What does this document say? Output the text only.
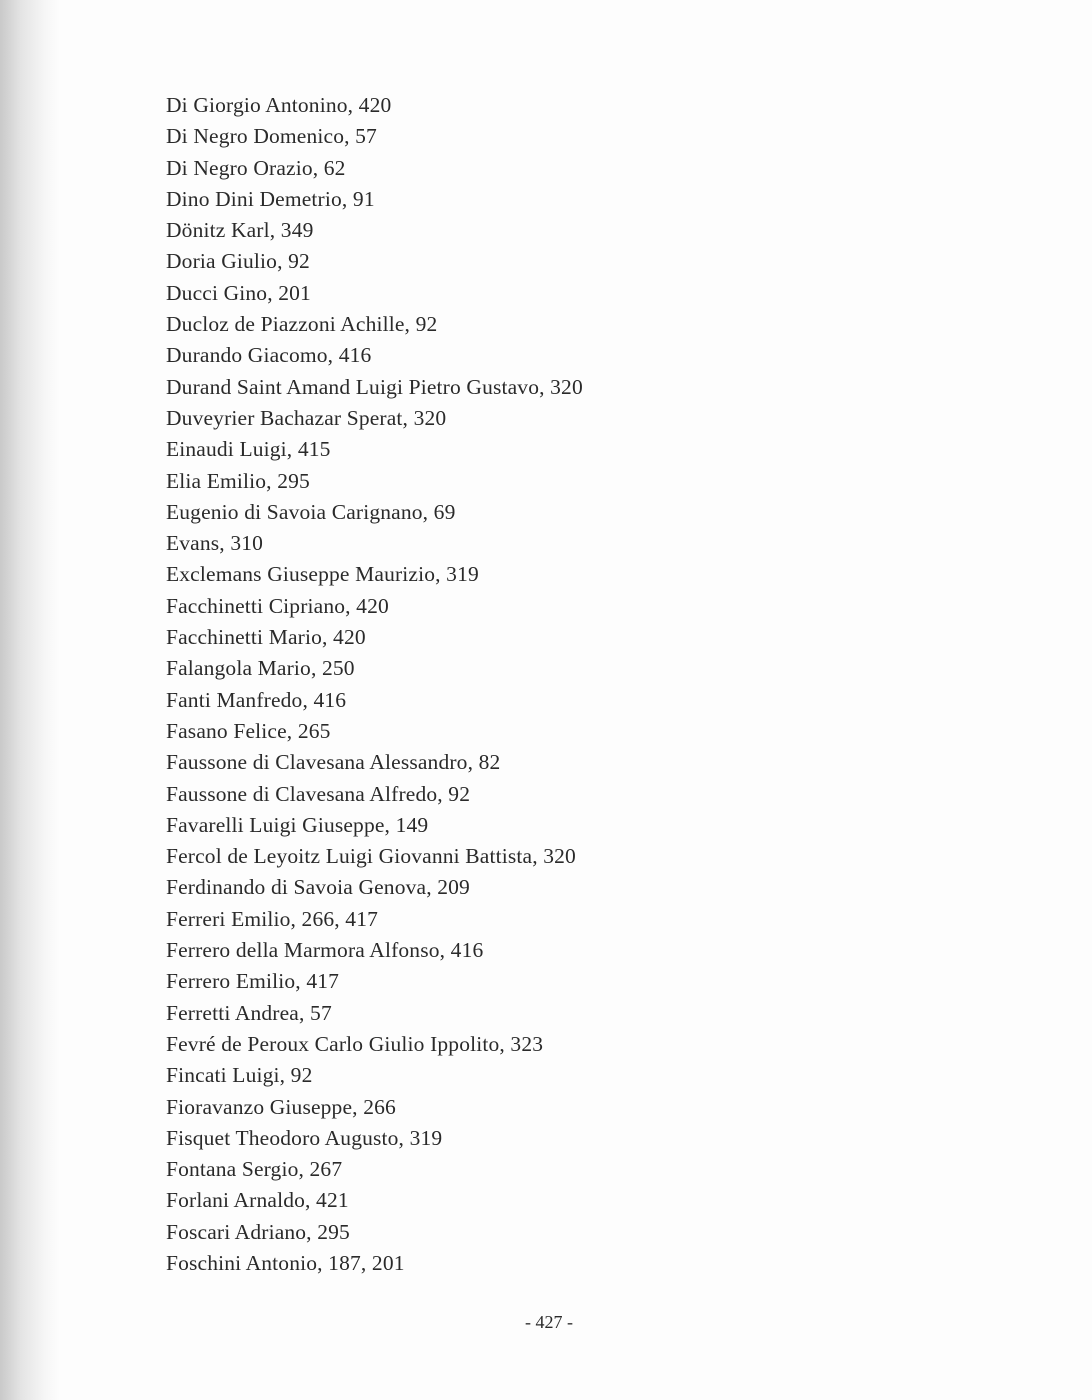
Di Giorgio Antonino, 420
Di Negro Domenico, 57
Di Negro Orazio, 62
Dino Dini Demetrio, 91
Dönitz Karl, 349
Doria Giulio, 92
Ducci Gino, 201
Ducloz de Piazzoni Achille, 92
Durando Giacomo, 416
Durand Saint Amand Luigi Pietro Gustavo, 320
Duveyrier Bachazar Sperat, 320
Einaudi Luigi, 415
Elia Emilio, 295
Eugenio di Savoia Carignano, 69
Evans, 310
Exclemans Giuseppe Maurizio, 319
Facchinetti Cipriano, 420
Facchinetti Mario, 420
Falangola Mario, 250
Fanti Manfredo, 416
Fasano Felice, 265
Faussone di Clavesana Alessandro, 82
Faussone di Clavesana Alfredo, 92
Favarelli Luigi Giuseppe, 149
Fercol de Leyoitz Luigi Giovanni Battista, 320
Ferdinando di Savoia Genova, 209
Ferreri Emilio, 266, 417
Ferrero della Marmora Alfonso, 416
Ferrero Emilio, 417
Ferretti Andrea, 57
Fevré de Peroux Carlo Giulio Ippolito, 323
Fincati Luigi, 92
Fioravanzo Giuseppe, 266
Fisquet Theodoro Augusto, 319
Fontana Sergio, 267
Forlani Arnaldo, 421
Foscari Adriano, 295
Foschini Antonio, 187, 201
- 427 -
